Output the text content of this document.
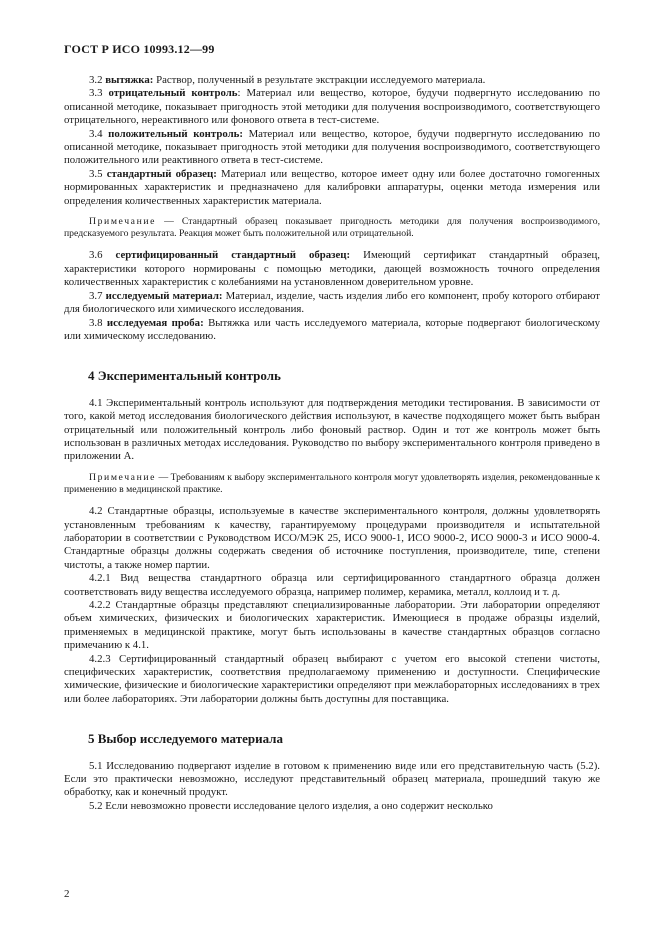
ГОСТ Р ИСО 10993.12—99

3.2 вытяжка: Раствор, полученный в результате экстракции исследуемого материала.

3.3 отрицательный контроль: Материал или вещество, которое, будучи подвергнуто исследованию по описанной методике, показывает пригодность этой методики для получения воспроизводимого, соответствующего отрицательного, нереактивного или фонового ответа в тест-системе.

3.4 положительный контроль: Материал или вещество, которое, будучи подвергнуто исследованию по описанной методике, показывает пригодность этой методики для получения воспроизводимого, соответствующего положительного или реактивного ответа в тест-системе.

3.5 стандартный образец: Материал или вещество, которое имеет одну или более достаточно гомогенных нормированных характеристик и предназначено для калибровки аппаратуры, оценки метода измерения или определения количественных характеристик материала.

Примечание — Стандартный образец показывает пригодность методики для получения воспроизводимого, предсказуемого результата. Реакция может быть положительной или отрицательной.

3.6 сертифицированный стандартный образец: Имеющий сертификат стандартный образец, характеристики которого нормированы с помощью методики, дающей возможность точного определения количественных характеристик с колебаниями на установленном доверительном уровне.

3.7 исследуемый материал: Материал, изделие, часть изделия либо его компонент, пробу которого отбирают для биологического или химического исследования.

3.8 исследуемая проба: Вытяжка или часть исследуемого материала, которые подвергают биологическому или химическому исследованию.

4 Экспериментальный контроль

4.1 Экспериментальный контроль используют для подтверждения методики тестирования. В зависимости от того, какой метод исследования биологического действия используют, в качестве подходящего может быть выбран отрицательный или положительный контроль либо фоновый раствор. Один и тот же контроль может быть использован в различных методах исследования. Руководство по выбору экспериментального контроля приведено в приложении А.

Примечание — Требованиям к выбору экспериментального контроля могут удовлетворять изделия, рекомендованные к применению в медицинской практике.

4.2 Стандартные образцы, используемые в качестве экспериментального контроля, должны удовлетворять установленным требованиям к качеству, гарантируемому процедурами производителя и испытательной лаборатории в соответствии с Руководством ИСО/МЭК 25, ИСО 9000-1, ИСО 9000-2, ИСО 9000-3 и ИСО 9000-4. Стандартные образцы должны содержать сведения об источнике поступления, производителе, типе, степени чистоты, а также номер партии.

4.2.1 Вид вещества стандартного образца или сертифицированного стандартного образца должен соответствовать виду вещества исследуемого образца, например полимер, керамика, металл, коллоид и т. д.

4.2.2 Стандартные образцы представляют специализированные лаборатории. Эти лаборатории определяют объем химических, физических и биологических характеристик. Имеющиеся в продаже образцы изделий, применяемых в медицинской практике, могут быть использованы в качестве стандартных образцов согласно примечанию к 4.1.

4.2.3 Сертифицированный стандартный образец выбирают с учетом его высокой степени чистоты, специфических характеристик, соответствия предполагаемому применению и доступности. Специфические химические, физические и биологические характеристики определяют при межлабораторных исследованиях в трех или более лабораториях. Эти лаборатории должны быть доступны для поставщика.

5 Выбор исследуемого материала

5.1 Исследованию подвергают изделие в готовом к применению виде или его представительную часть (5.2). Если это практически невозможно, исследуют представительный образец материала, прошедший такую же обработку, как и конечный продукт.

5.2 Если невозможно провести исследование целого изделия, а оно содержит несколько

2
